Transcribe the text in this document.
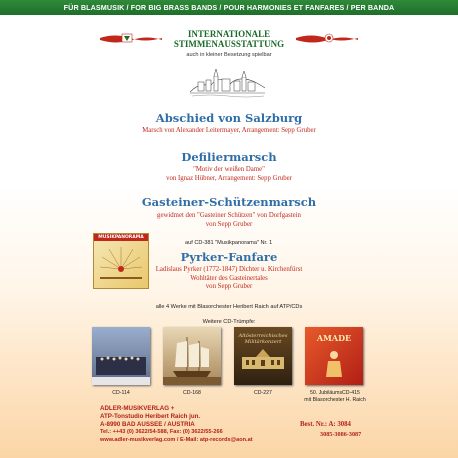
FÜR BLASMUSIK / FOR BIG BRASS BANDS / POUR HARMONIES ET FANFARES / PER BANDA
INTERNATIONALE
STIMMENAUSSTATTUNG
auch in kleiner Besetzung spielbar
Abschied von Salzburg
Marsch von Alexander Leitermayer, Arrangement: Sepp Gruber
Defiliermarsch
"Motiv der weißen Dame"
von Ignaz Hübner, Arrangement: Sepp Gruber
Gasteiner-Schützenmarsch
gewidmet den "Gasteiner Schützen" von Dorfgastein
von Sepp Gruber
MUSIKPANORAMA
auf CD-381 "Musikpanorama" Nr. 1
Pyrker-Fanfare
Ladislaus Pyrker (1772-1847) Dichter u. Kirchenfürst
Wohltäter des Gasteinertales
von Sepp Gruber
alle 4 Werke mit Blasorchester Heribert Raich auf ATP/CDs
Weitere CD-Trümpfe:
Altösterreichisches Militärkonzert	AMADE
CD-114	CD-168	CD-227	50. JubiläumsCD-415
mit Blasorchester H. Raich
ADLER-MUSIKVERLAG +
ATP-Tonstudio Heribert Raich jun.
A-8990 BAD AUSSEE / AUSTRIA
Tel.: ++43 (0) 3622/54-588, Fax: (0) 3622/55-266
www.adler-musikverlag.com / E-Mail: atp-records@aon.at
Best. Nr.: A: 3084
3085-3086-3087
